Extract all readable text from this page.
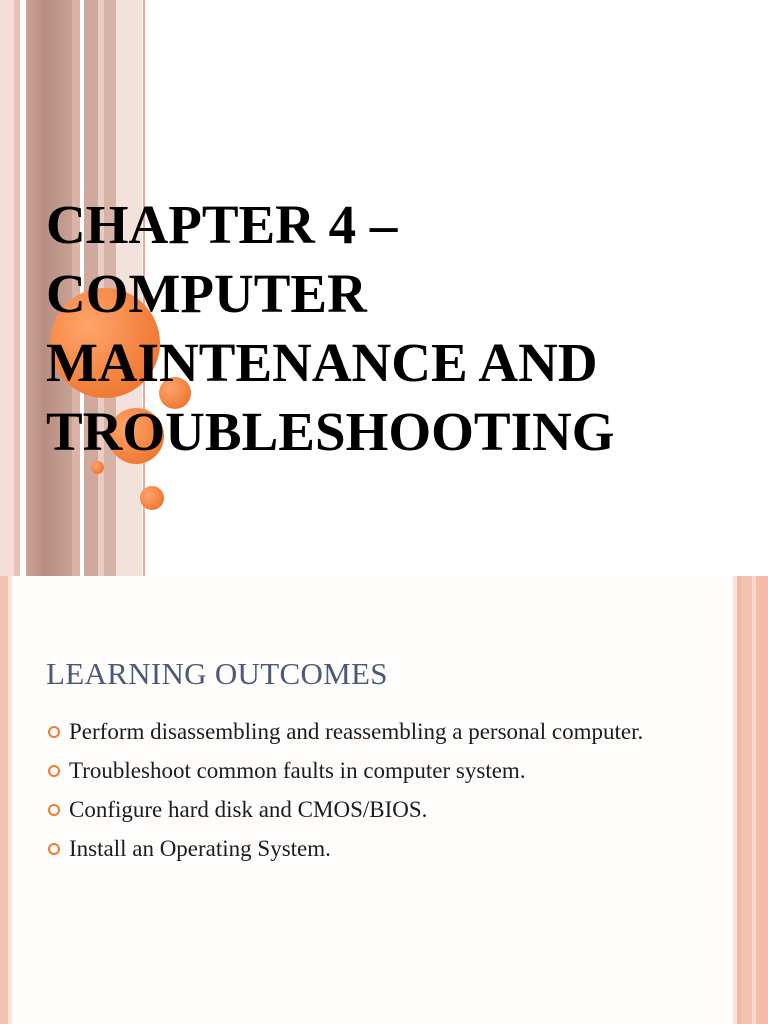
CHAPTER 4 –
COMPUTER
MAINTENANCE AND
TROUBLESHOOTING
LEARNING OUTCOMES
Perform disassembling and reassembling a personal computer.
Troubleshoot common faults in computer system.
Configure hard disk and CMOS/BIOS.
Install an Operating System.
